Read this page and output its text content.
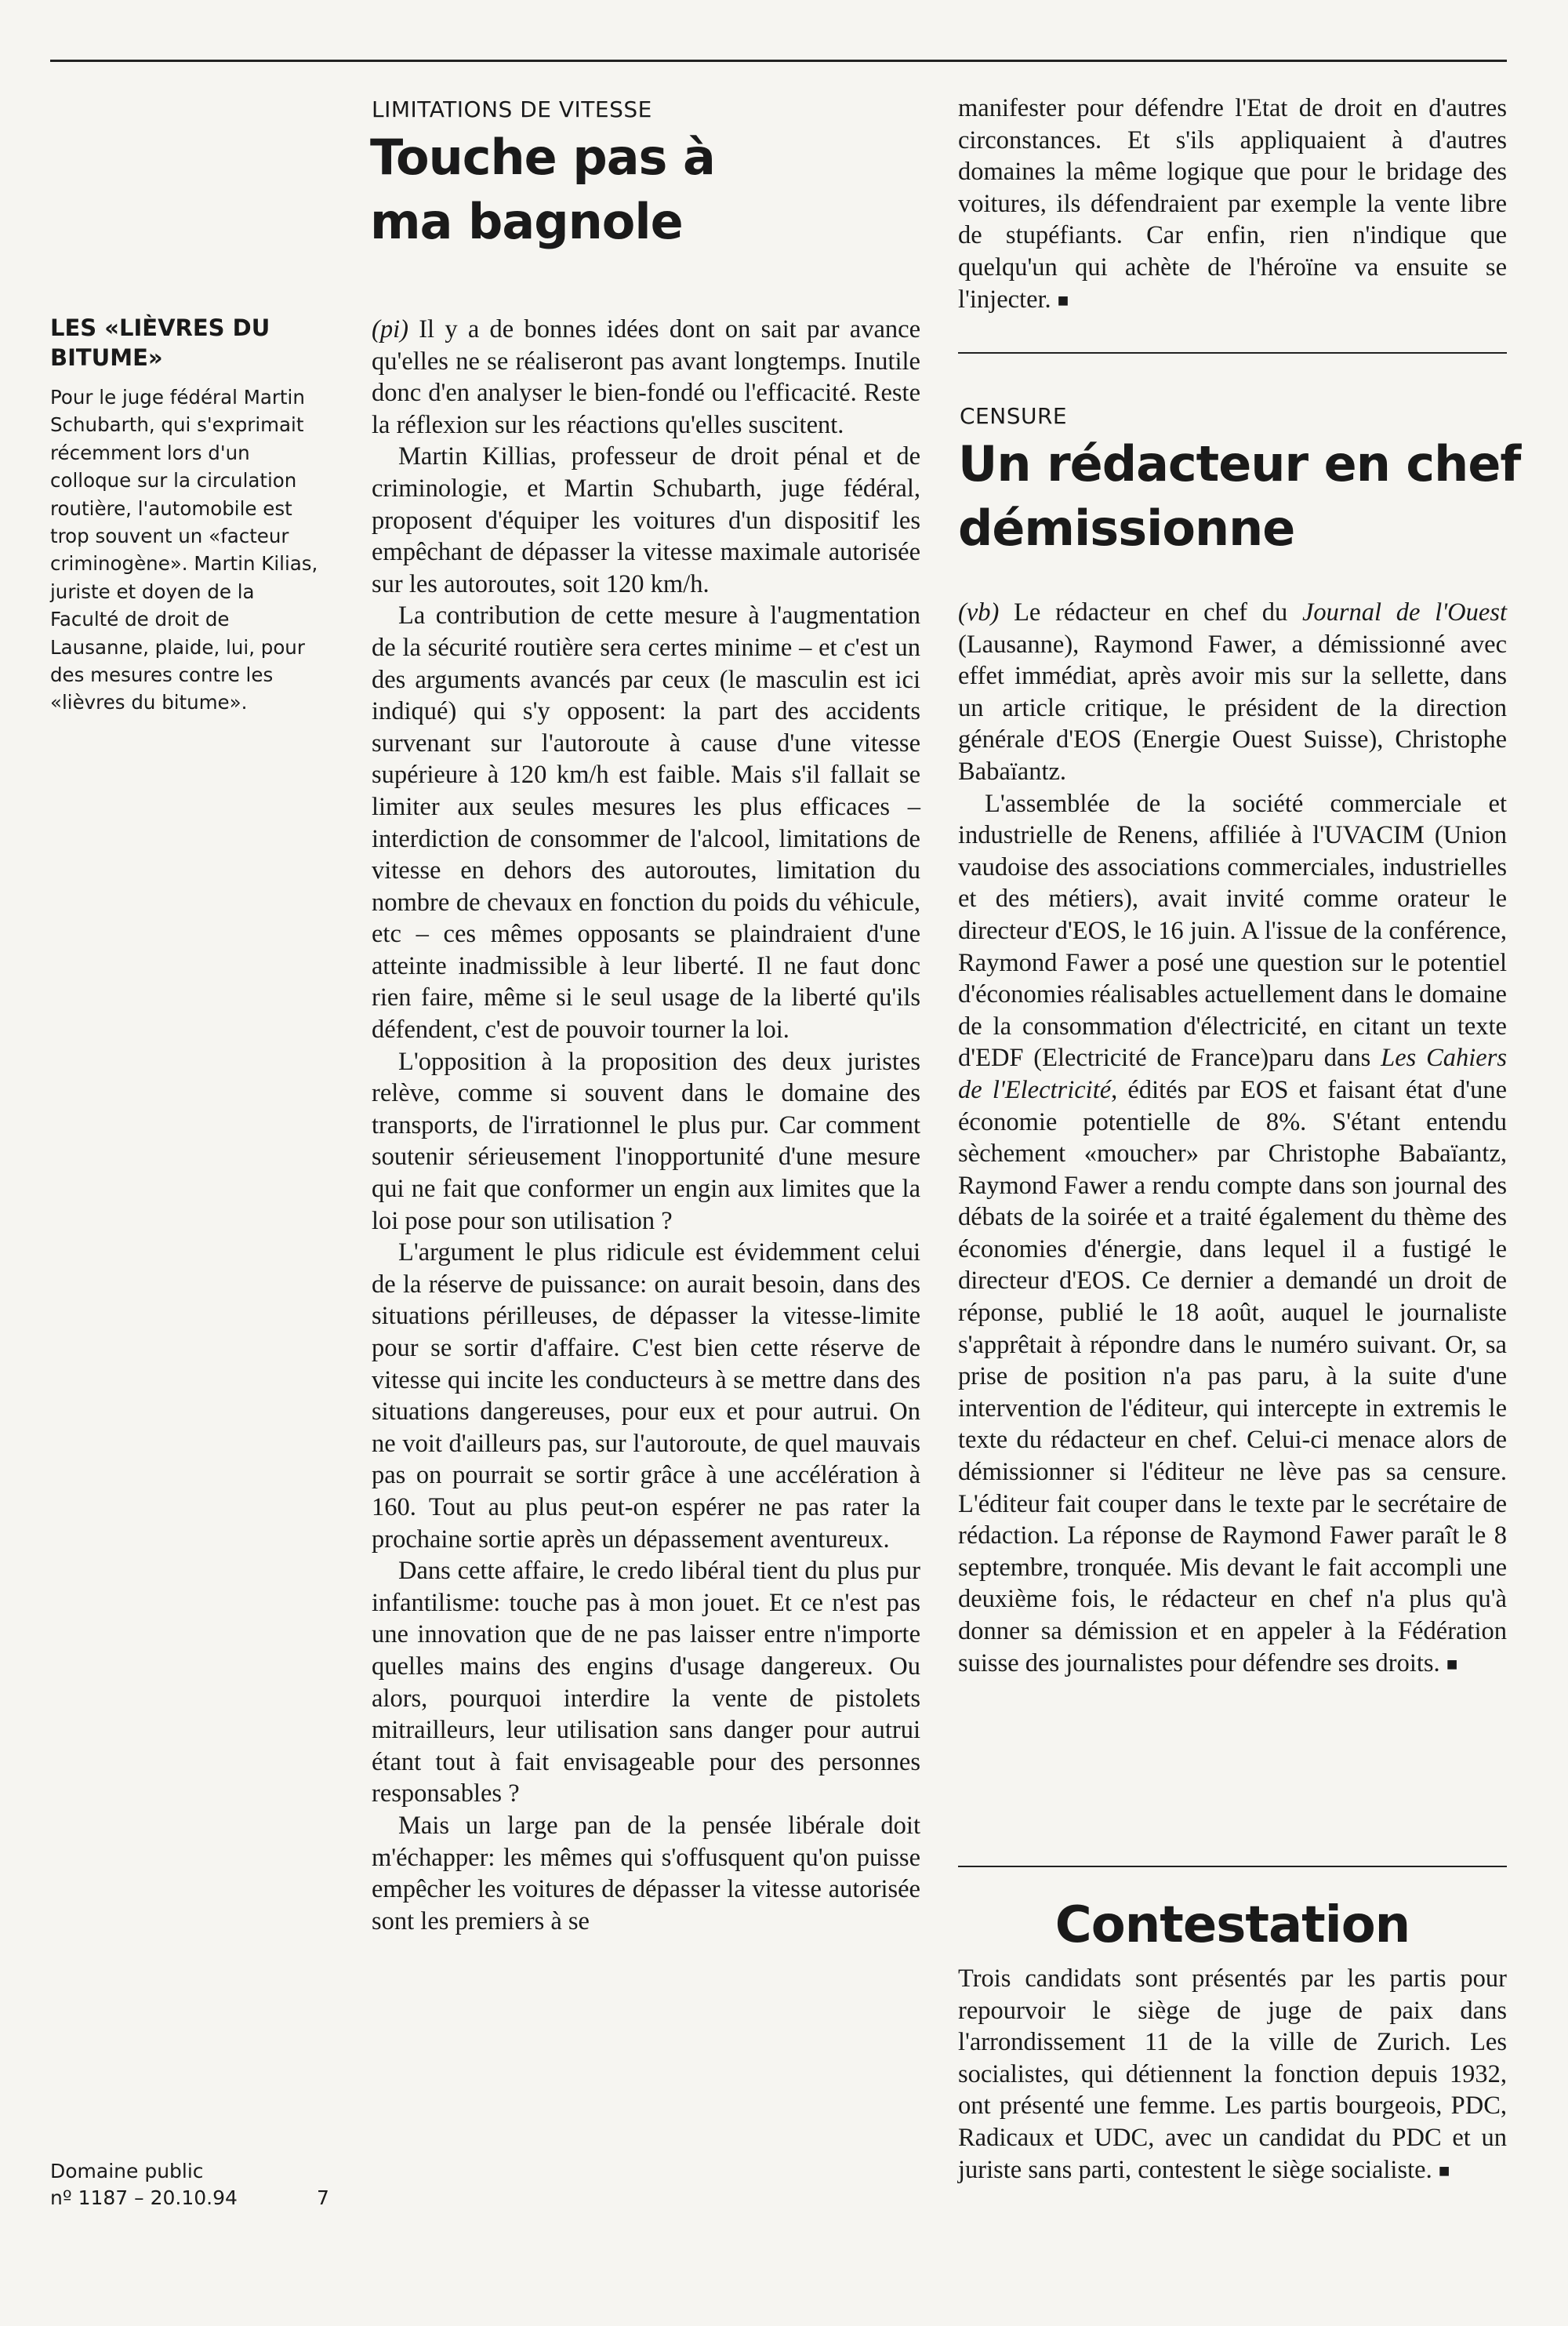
LES «LIÈVRES DU BITUME»
Pour le juge fédéral Martin Schubarth, qui s'exprimait récemment lors d'un colloque sur la circulation routière, l'automobile est trop souvent un «facteur criminogène». Martin Kilias, juriste et doyen de la Faculté de droit de Lausanne, plaide, lui, pour des mesures contre les «lièvres du bitume».
Domaine public
nº 1187 – 20.10.94	7
LIMITATIONS DE VITESSE
Touche pas à
ma bagnole

(pi) Il y a de bonnes idées dont on sait par avance qu'elles ne se réaliseront pas avant longtemps. Inutile donc d'en analyser le bien-fondé ou l'efficacité. Reste la réflexion sur les réactions qu'elles suscitent.

Martin Killias, professeur de droit pénal et de criminologie, et Martin Schubarth, juge fédéral, proposent d'équiper les voitures d'un dispositif les empêchant de dépasser la vitesse maximale autorisée sur les autoroutes, soit 120 km/h.

La contribution de cette mesure à l'augmentation de la sécurité routière sera certes minime – et c'est un des arguments avancés par ceux (le masculin est ici indiqué) qui s'y opposent: la part des accidents survenant sur l'autoroute à cause d'une vitesse supérieure à 120 km/h est faible. Mais s'il fallait se limiter aux seules mesures les plus efficaces – interdiction de consommer de l'alcool, limitations de vitesse en dehors des autoroutes, limitation du nombre de chevaux en fonction du poids du véhicule, etc – ces mêmes opposants se plaindraient d'une atteinte inadmissible à leur liberté. Il ne faut donc rien faire, même si le seul usage de la liberté qu'ils défendent, c'est de pouvoir tourner la loi.

L'opposition à la proposition des deux juristes relève, comme si souvent dans le domaine des transports, de l'irrationnel le plus pur. Car comment soutenir sérieusement l'inopportunité d'une mesure qui ne fait que conformer un engin aux limites que la loi pose pour son utilisation ?

L'argument le plus ridicule est évidemment celui de la réserve de puissance: on aurait besoin, dans des situations périlleuses, de dépasser la vitesse-limite pour se sortir d'affaire. C'est bien cette réserve de vitesse qui incite les conducteurs à se mettre dans des situations dangereuses, pour eux et pour autrui. On ne voit d'ailleurs pas, sur l'autoroute, de quel mauvais pas on pourrait se sortir grâce à une accélération à 160. Tout au plus peut-on espérer ne pas rater la prochaine sortie après un dépassement aventureux.

Dans cette affaire, le credo libéral tient du plus pur infantilisme: touche pas à mon jouet. Et ce n'est pas une innovation que de ne pas laisser entre n'importe quelles mains des engins d'usage dangereux. Ou alors, pourquoi interdire la vente de pistolets mitrailleurs, leur utilisation sans danger pour autrui étant tout à fait envisageable pour des personnes responsables ?

Mais un large pan de la pensée libérale doit m'échapper: les mêmes qui s'offusquent qu'on puisse empêcher les voitures de dépasser la vitesse autorisée sont les premiers à se

manifester pour défendre l'Etat de droit en d'autres circonstances. Et s'ils appliquaient à d'autres domaines la même logique que pour le bridage des voitures, ils défendraient par exemple la vente libre de stupéfiants. Car enfin, rien n'indique que quelqu'un qui achète de l'héroïne va ensuite se l'injecter. ■

CENSURE
Un rédacteur en chef
démissionne

(vb) Le rédacteur en chef du Journal de l'Ouest (Lausanne), Raymond Fawer, a démissionné avec effet immédiat, après avoir mis sur la sellette, dans un article critique, le président de la direction générale d'EOS (Energie Ouest Suisse), Christophe Babaïantz.

L'assemblée de la société commerciale et industrielle de Renens, affiliée à l'UVACIM (Union vaudoise des associations commerciales, industrielles et des métiers), avait invité comme orateur le directeur d'EOS, le 16 juin. A l'issue de la conférence, Raymond Fawer a posé une question sur le potentiel d'économies réalisables actuellement dans le domaine de la consommation d'électricité, en citant un texte d'EDF (Electricité de France)paru dans Les Cahiers de l'Electricité, édités par EOS et faisant état d'une économie potentielle de 8%. S'étant entendu sèchement «moucher» par Christophe Babaïantz, Raymond Fawer a rendu compte dans son journal des débats de la soirée et a traité également du thème des économies d'énergie, dans lequel il a fustigé le directeur d'EOS. Ce dernier a demandé un droit de réponse, publié le 18 août, auquel le journaliste s'apprêtait à répondre dans le numéro suivant. Or, sa prise de position n'a pas paru, à la suite d'une intervention de l'éditeur, qui intercepte in extremis le texte du rédacteur en chef. Celui-ci menace alors de démissionner si l'éditeur ne lève pas sa censure. L'éditeur fait couper dans le texte par le secrétaire de rédaction. La réponse de Raymond Fawer paraît le 8 septembre, tronquée. Mis devant le fait accompli une deuxième fois, le rédacteur en chef n'a plus qu'à donner sa démission et en appeler à la Fédération suisse des journalistes pour défendre ses droits. ■

Contestation

Trois candidats sont présentés par les partis pour repourvoir le siège de juge de paix dans l'arrondissement 11 de la ville de Zurich. Les socialistes, qui détiennent la fonction depuis 1932, ont présenté une femme. Les partis bourgeois, PDC, Radicaux et UDC, avec un candidat du PDC et un juriste sans parti, contestent le siège socialiste. ■
